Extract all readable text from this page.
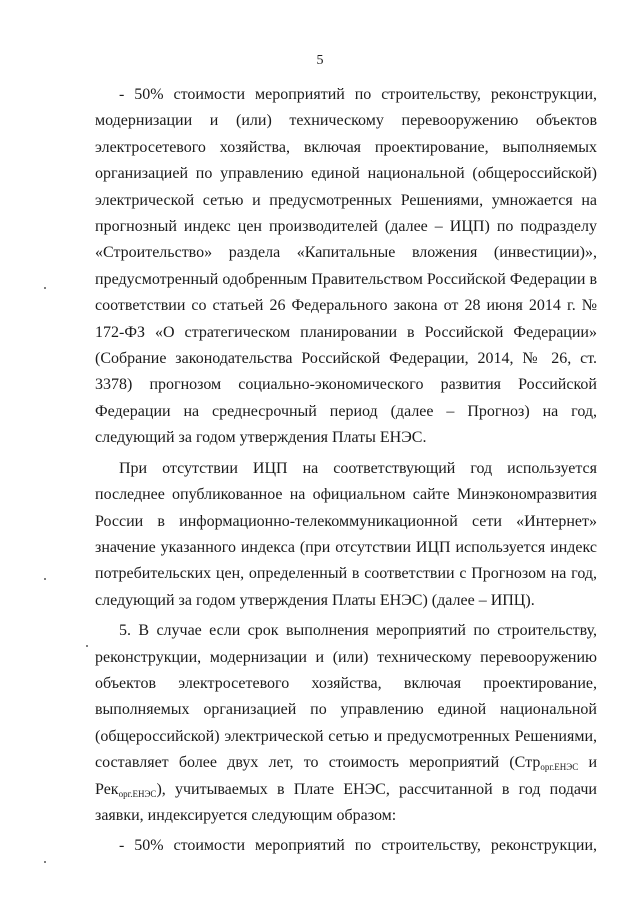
5

- 50% стоимости мероприятий по строительству, реконструкции, модернизации и (или) техническому перевооружению объектов электросетевого хозяйства, включая проектирование, выполняемых организацией по управлению единой национальной (общероссийской) электрической сетью и предусмотренных Решениями, умножается на прогнозный индекс цен производителей (далее – ИЦП) по подразделу «Строительство» раздела «Капитальные вложения (инвестиции)», предусмотренный одобренным Правительством Российской Федерации в соответствии со статьей 26 Федерального закона от 28 июня 2014 г. № 172-ФЗ «О стратегическом планировании в Российской Федерации» (Собрание законодательства Российской Федерации, 2014, № 26, ст. 3378) прогнозом социально-экономического развития Российской Федерации на среднесрочный период (далее – Прогноз) на год, следующий за годом утверждения Платы ЕНЭС.

При отсутствии ИЦП на соответствующий год используется последнее опубликованное на официальном сайте Минэкономразвития России в информационно-телекоммуникационной сети «Интернет» значение указанного индекса (при отсутствии ИЦП используется индекс потребительских цен, определенный в соответствии с Прогнозом на год, следующий за годом утверждения Платы ЕНЭС) (далее – ИПЦ).

5. В случае если срок выполнения мероприятий по строительству, реконструкции, модернизации и (или) техническому перевооружению объектов электросетевого хозяйства, включая проектирование, выполняемых организацией по управлению единой национальной (общероссийской) электрической сетью и предусмотренных Решениями, составляет более двух лет, то стоимость мероприятий (Стр$_{орг.ЕНЭС}$ и Рек$_{орг.ЕНЭС}$), учитываемых в Плате ЕНЭС, рассчитанной в год подачи заявки, индексируется следующим образом:

- 50% стоимости мероприятий по строительству, реконструкции,
